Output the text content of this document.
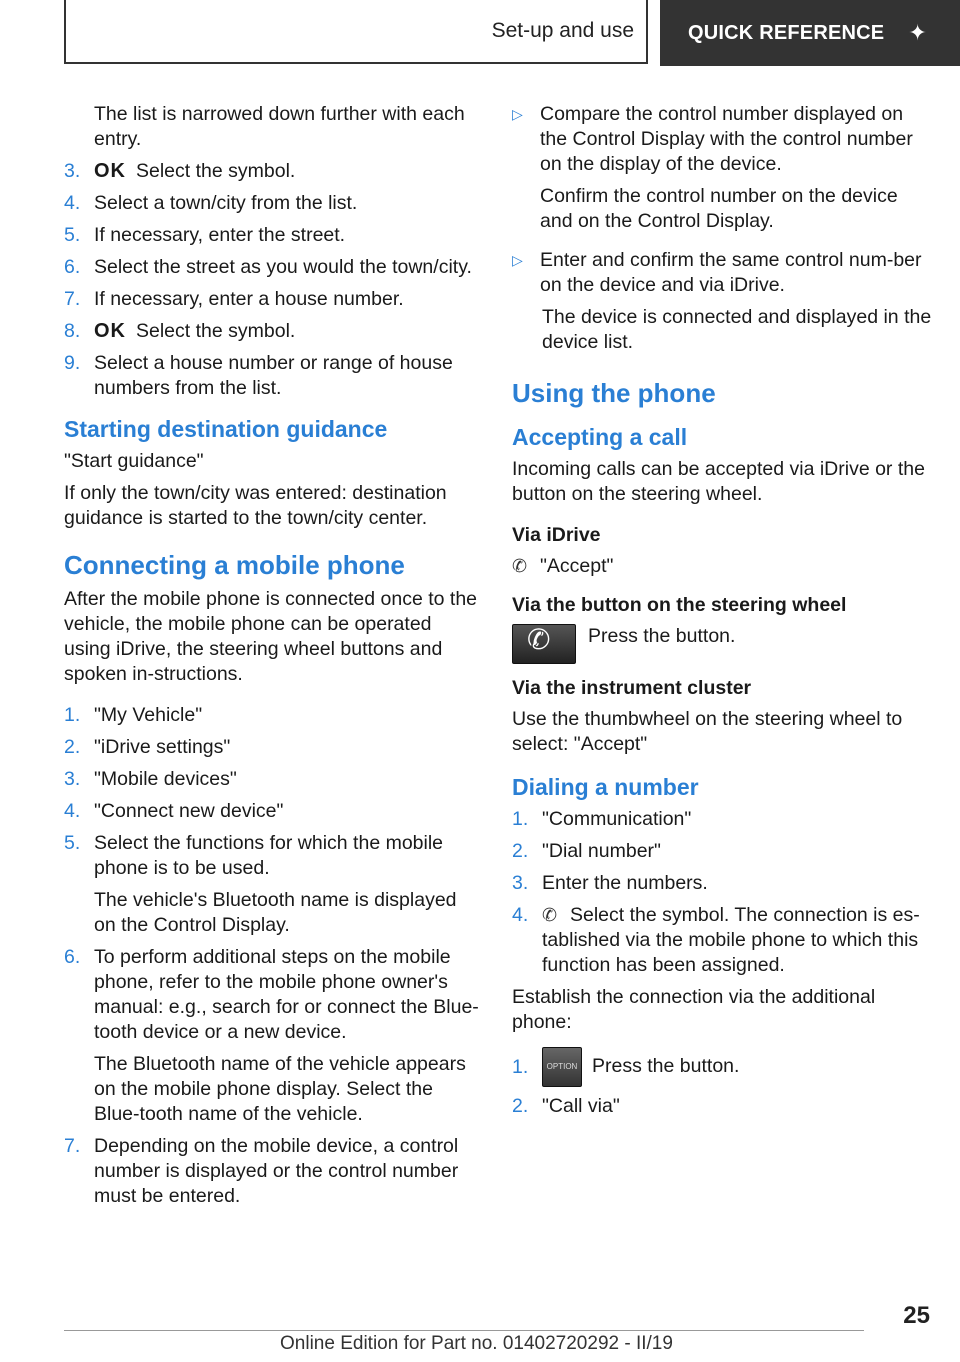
Set-up and use	QUICK REFERENCE ✦

The list is narrowed down further with each entry.

3. OK Select the symbol.
4. Select a town/city from the list.
5. If necessary, enter the street.
6. Select the street as you would the town/city.
7. If necessary, enter a house number.
8. OK Select the symbol.
9. Select a house number or range of house numbers from the list.
Starting destination guidance

"Start guidance"

If only the town/city was entered: destination guidance is started to the town/city center.

Connecting a mobile phone

After the mobile phone is connected once to the vehicle, the mobile phone can be operated using iDrive, the steering wheel buttons and spoken in-structions.

1. "My Vehicle"
2. "iDrive settings"
3. "Mobile devices"
4. "Connect new device"
5. Select the functions for which the mobile phone is to be used.

The vehicle's Bluetooth name is displayed on the Control Display.

6. To perform additional steps on the mobile phone, refer to the mobile phone owner's manual: e.g., search for or connect the Blue-tooth device or a new device.

The Bluetooth name of the vehicle appears on the mobile phone display. Select the Blue-tooth name of the vehicle.

7. Depending on the mobile device, a control number is displayed or the control number must be entered.
▷ Compare the control number displayed on the Control Display with the control number on the display of the device.

Confirm the control number on the device and on the Control Display.

▷ Enter and confirm the same control num-ber on the device and via iDrive.

The device is connected and displayed in the device list.

Using the phone
Accepting a call

Incoming calls can be accepted via iDrive or the button on the steering wheel.

Via iDrive

✆ "Accept"

Via the button on the steering wheel
✆ Press the button.
Via the instrument cluster

Use the thumbwheel on the steering wheel to select: "Accept"

Dialing a number
1. "Communication"
2. "Dial number"
3. Enter the numbers.
4. ✆ Select the symbol. The connection is es-tablished via the mobile phone to which this function has been assigned.

Establish the connection via the additional phone:

1.	OPTION Press the button.
2. "Call via"
25
Online Edition for Part no. 01402720292 - II/19
